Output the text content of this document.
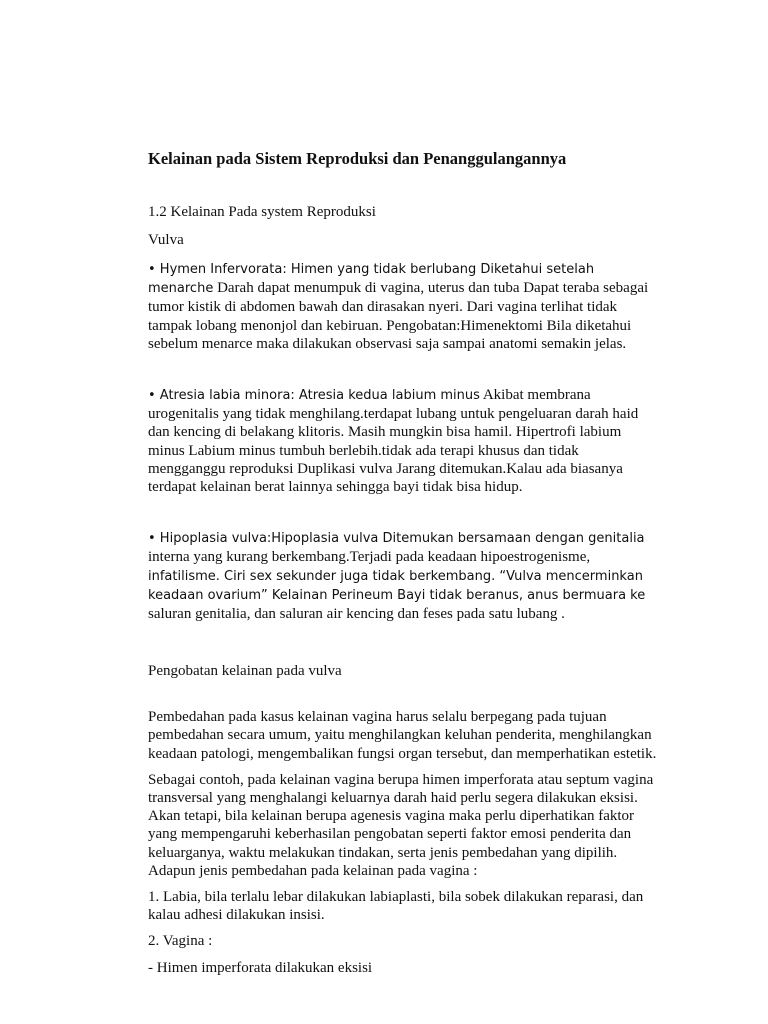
Kelainan pada Sistem Reproduksi dan Penanggulangannya
1.2 Kelainan Pada system Reproduksi
Vulva

• Hymen Infervorata: Himen yang tidak berlubang Diketahui setelah menarche Darah dapat menumpuk di vagina, uterus dan tuba Dapat teraba sebagai tumor kistik di abdomen bawah dan dirasakan nyeri. Dari vagina terlihat tidak tampak lobang menonjol dan kebiruan. Pengobatan:Himenektomi Bila diketahui sebelum menarce maka dilakukan observasi saja sampai anatomi semakin jelas.

• Atresia labia minora: Atresia kedua labium minus Akibat membrana urogenitalis yang tidak menghilang.terdapat lubang untuk pengeluaran darah haid dan kencing di belakang klitoris. Masih mungkin bisa hamil. Hipertrofi labium minus Labium minus tumbuh berlebih.tidak ada terapi khusus dan tidak mengganggu reproduksi Duplikasi vulva Jarang ditemukan.Kalau ada biasanya terdapat kelainan berat lainnya sehingga bayi tidak bisa hidup.

• Hipoplasia vulva:Hipoplasia vulva Ditemukan bersamaan dengan genitalia interna yang kurang berkembang.Terjadi pada keadaan hipoestrogenisme, infatilisme. Ciri sex sekunder juga tidak berkembang. “Vulva mencerminkan keadaan ovarium” Kelainan Perineum Bayi tidak beranus, anus bermuara ke saluran genitalia, dan saluran air kencing dan feses pada satu lubang .

Pengobatan kelainan pada vulva

Pembedahan pada kasus kelainan vagina harus selalu berpegang pada tujuan pembedahan secara umum, yaitu menghilangkan keluhan penderita, menghilangkan keadaan patologi, mengembalikan fungsi organ tersebut, dan memperhatikan estetik.

Sebagai contoh, pada kelainan vagina berupa himen imperforata atau septum vagina transversal yang menghalangi keluarnya darah haid perlu segera dilakukan eksisi. Akan tetapi, bila kelainan berupa agenesis vagina maka perlu diperhatikan faktor yang mempengaruhi keberhasilan pengobatan seperti faktor emosi penderita dan keluarganya, waktu melakukan tindakan, serta jenis pembedahan yang dipilih. Adapun jenis pembedahan pada kelainan pada vagina :

1. Labia, bila terlalu lebar dilakukan labiaplasti, bila sobek dilakukan reparasi, dan kalau adhesi dilakukan insisi.

2. Vagina :

- Himen imperforata dilakukan eksisi
